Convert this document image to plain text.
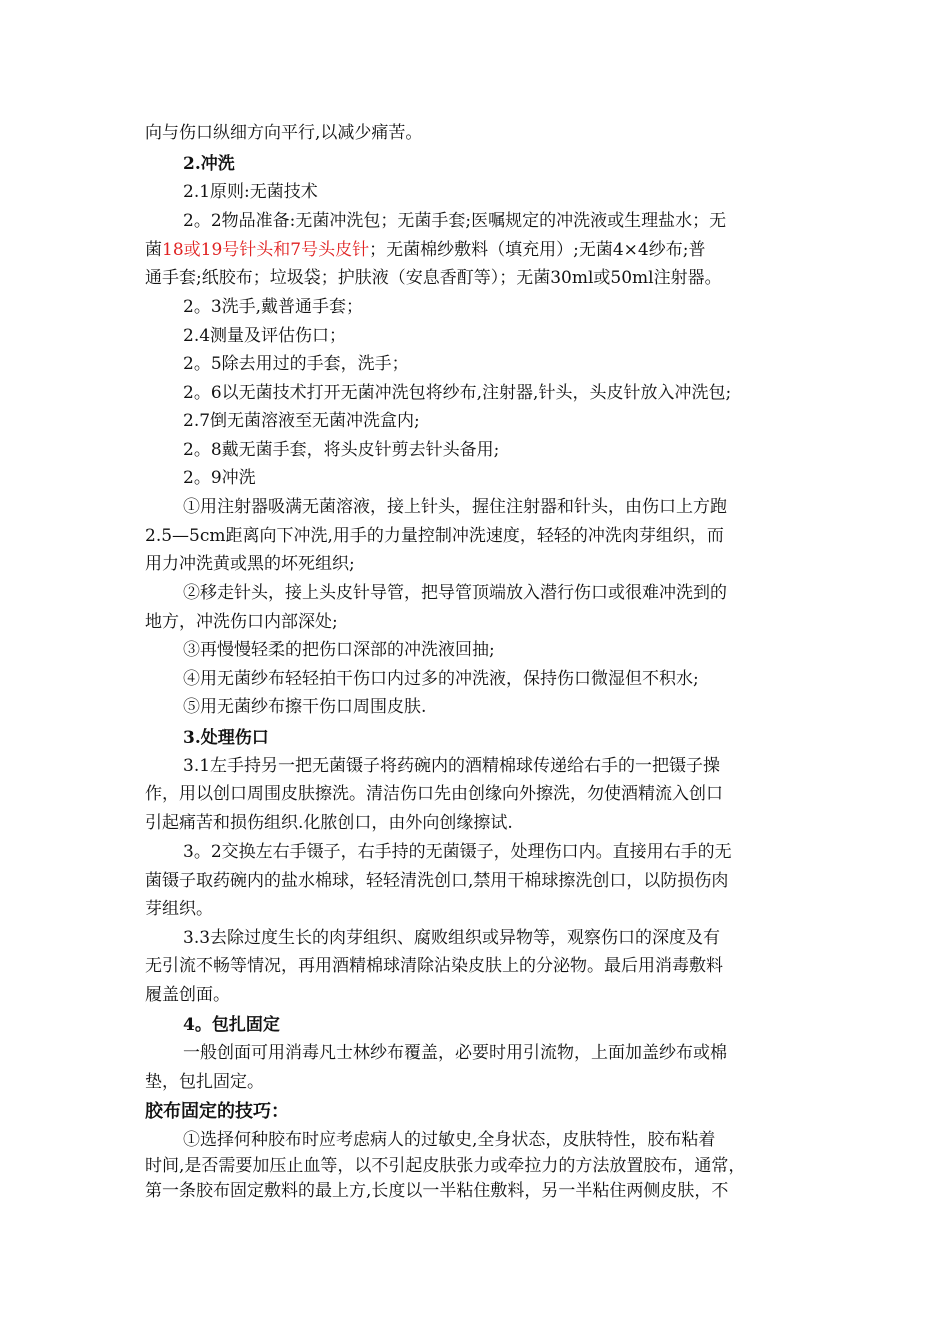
向与伤口纵细方向平行,以减少痛苦。
2.冲洗
2.1原则:无菌技术
2。2物品准备:无菌冲洗包；无菌手套;医嘱规定的冲洗液或生理盐水；无
菌18或19号针头和7号头皮针；无菌棉纱敷料（填充用）;无菌4×4纱布;普
通手套;纸胶布；垃圾袋；护肤液（安息香酊等）；无菌30ml或50ml注射器。
2。3洗手,戴普通手套；
2.4测量及评估伤口；
2。5除去用过的手套，洗手；
2。6以无菌技术打开无菌冲洗包将纱布,注射器,针头，头皮针放入冲洗包;
2.7倒无菌溶液至无菌冲洗盒内;
2。8戴无菌手套，将头皮针剪去针头备用;
2。9冲洗
①用注射器吸满无菌溶液，接上针头，握住注射器和针头，由伤口上方跑
2.5—5cm距离向下冲洗,用手的力量控制冲洗速度，轻轻的冲洗肉芽组织，而
用力冲洗黄或黑的坏死组织;
②移走针头，接上头皮针导管，把导管顶端放入潜行伤口或很难冲洗到的
地方，冲洗伤口内部深处;
③再慢慢轻柔的把伤口深部的冲洗液回抽;
④用无菌纱布轻轻拍干伤口内过多的冲洗液，保持伤口微湿但不积水;
⑤用无菌纱布擦干伤口周围皮肤.
3.处理伤口
3.1左手持另一把无菌镊子将药碗内的酒精棉球传递给右手的一把镊子操
作，用以创口周围皮肤擦洗。清洁伤口先由创缘向外擦洗，勿使酒精流入创口
引起痛苦和损伤组织.化脓创口，由外向创缘擦试.
3。2交换左右手镊子，右手持的无菌镊子，处理伤口内。直接用右手的无
菌镊子取药碗内的盐水棉球，轻轻清洗创口,禁用干棉球擦洗创口，以防损伤肉
芽组织。
3.3去除过度生长的肉芽组织、腐败组织或异物等，观察伤口的深度及有
无引流不畅等情况，再用酒精棉球清除沾染皮肤上的分泌物。最后用消毒敷料
履盖创面。
4。包扎固定
一般创面可用消毒凡士林纱布覆盖，必要时用引流物，上面加盖纱布或棉
垫，包扎固定。
胶布固定的技巧：
①选择何种胶布时应考虑病人的过敏史,全身状态，皮肤特性，胶布粘着
时间,是否需要加压止血等，以不引起皮肤张力或牵拉力的方法放置胶布，通常，
第一条胶布固定敷料的最上方,长度以一半粘住敷料，另一半粘住两侧皮肤，不
